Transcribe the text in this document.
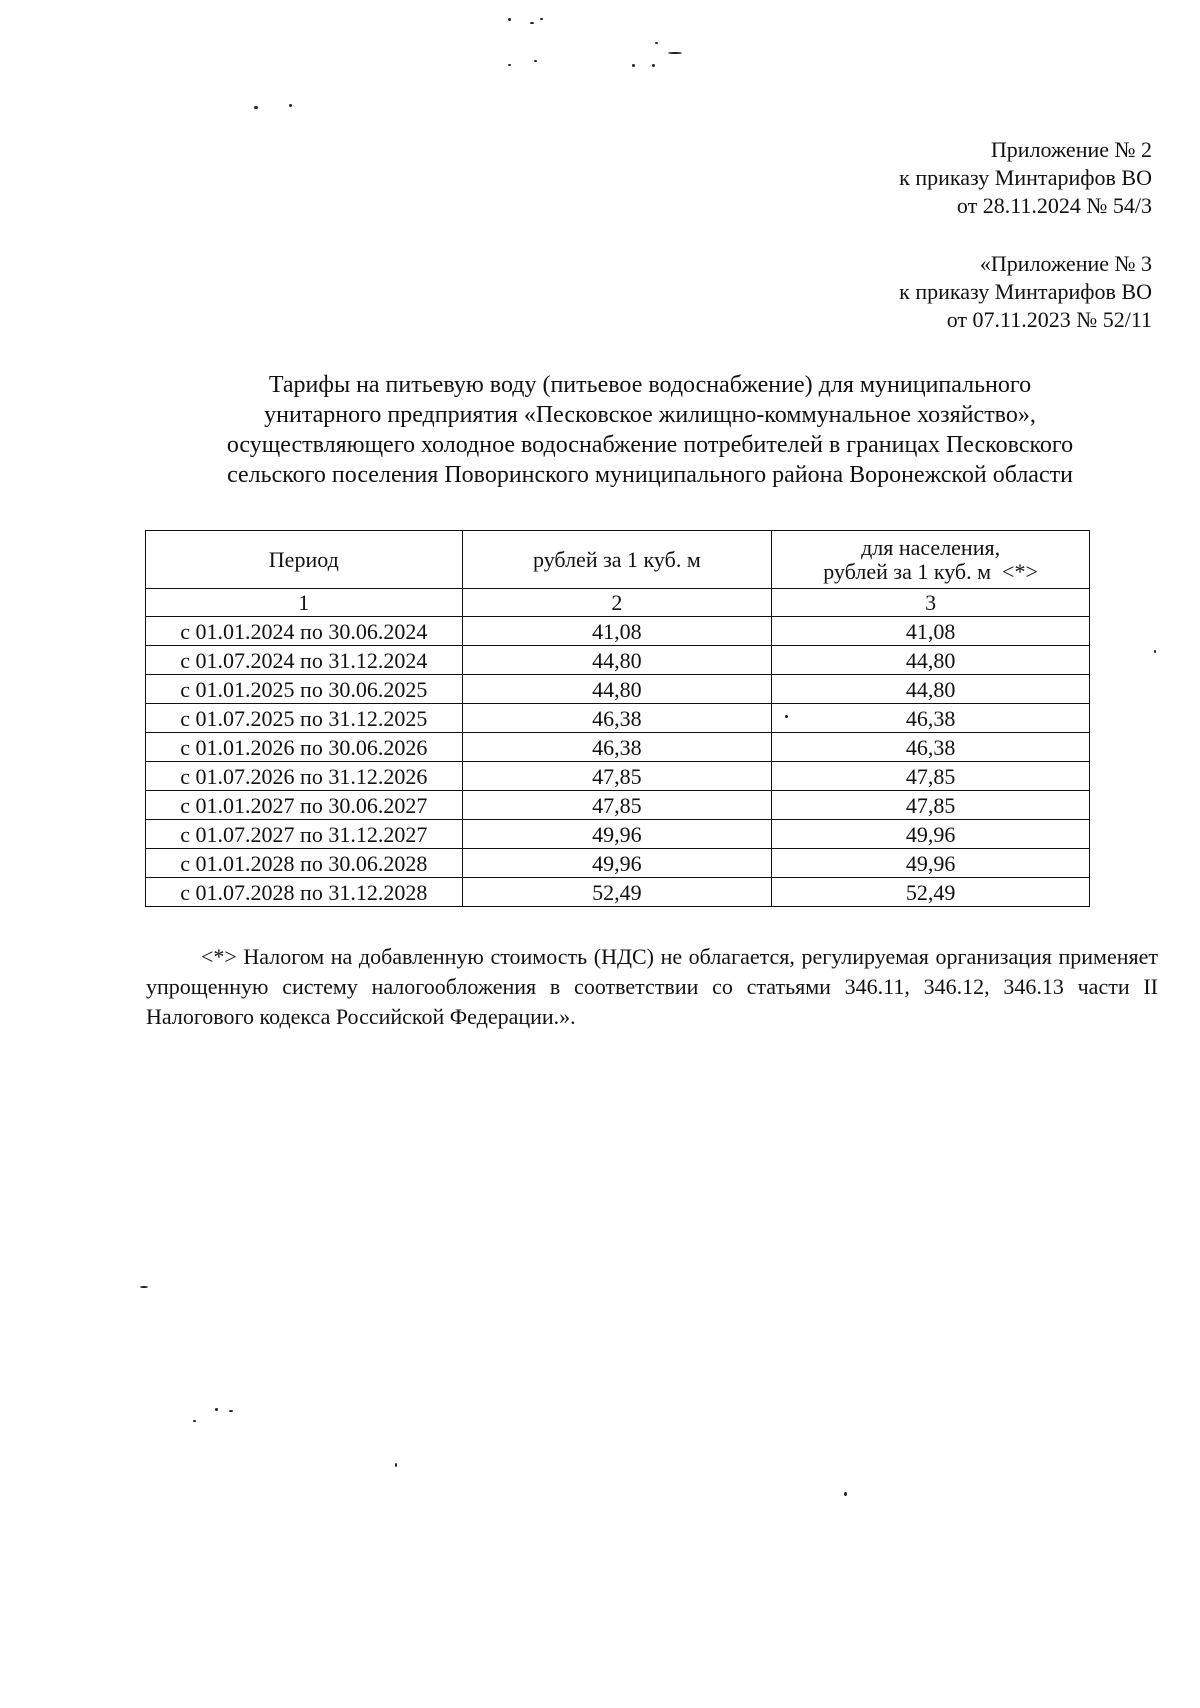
Приложение № 2
к приказу Минтарифов ВО
от 28.11.2024 № 54/3
«Приложение № 3
к приказу Минтарифов ВО
от 07.11.2023 № 52/11
Тарифы на питьевую воду (питьевое водоснабжение) для муниципального
унитарного предприятия «Песковское жилищно-коммунальное хозяйство»,
осуществляющего холодное водоснабжение потребителей в границах Песковского
сельского поселения Поворинского муниципального района Воронежской области
Период	рублей за 1 куб. м	для населения,
рублей за 1 куб. м  <*>

1	2	3
с 01.01.2024 по 30.06.2024	41,08	41,08
с 01.07.2024 по 31.12.2024	44,80	44,80
с 01.01.2025 по 30.06.2025	44,80	44,80
с 01.07.2025 по 31.12.2025	46,38	46,38
с 01.01.2026 по 30.06.2026	46,38	46,38
с 01.07.2026 по 31.12.2026	47,85	47,85
с 01.01.2027 по 30.06.2027	47,85	47,85
с 01.07.2027 по 31.12.2027	49,96	49,96
с 01.01.2028 по 30.06.2028	49,96	49,96
с 01.07.2028 по 31.12.2028	52,49	52,49
<*> Налогом на добавленную стоимость (НДС) не облагается, регулируемая организация применяет упрощенную систему налогообложения в соответствии со статьями 346.11, 346.12, 346.13 части II Налогового кодекса Российской Федерации.».
